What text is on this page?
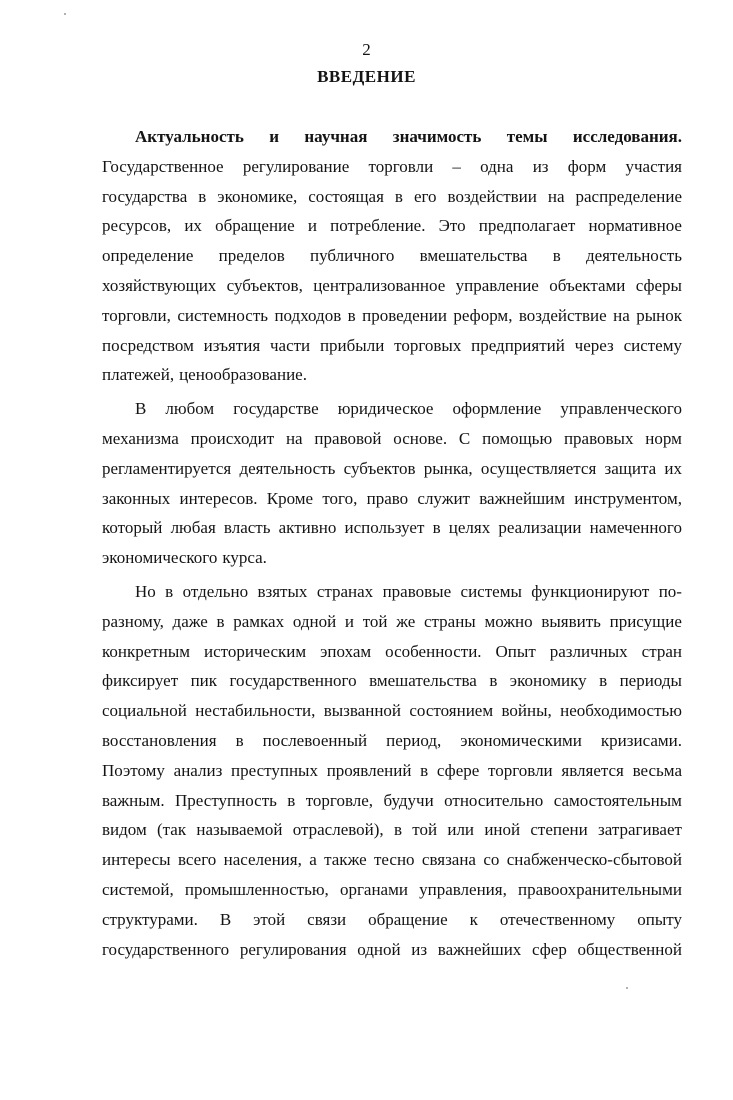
2
ВВЕДЕНИЕ
Актуальность и научная значимость темы исследования.
Государственное регулирование торговли – одна из форм участия
государства в экономике, состоящая в его воздействии на распределение
ресурсов, их обращение и потребление. Это предполагает нормативное
определение пределов публичного вмешательства в деятельность
хозяйствующих субъектов, централизованное управление объектами сферы
торговли, системность подходов в проведении реформ, воздействие на рынок
посредством изъятия части прибыли торговых предприятий через систему
платежей, ценообразование.
В любом государстве юридическое оформление управленческого
механизма происходит на правовой основе. С помощью правовых норм
регламентируется деятельность субъектов рынка, осуществляется защита их
законных интересов. Кроме того, право служит важнейшим инструментом,
который любая власть активно использует в целях реализации намеченного
экономического курса.
Но в отдельно взятых странах правовые системы функционируют по-
разному, даже в рамках одной и той же страны можно выявить присущие
конкретным историческим эпохам особенности. Опыт различных стран
фиксирует пик государственного вмешательства в экономику в периоды
социальной нестабильности, вызванной состоянием войны, необходимостью
восстановления в послевоенный период, экономическими кризисами.
Поэтому анализ преступных проявлений в сфере торговли является весьма
важным. Преступность в торговле, будучи относительно самостоятельным
видом (так называемой отраслевой), в той или иной степени затрагивает
интересы всего населения, а также тесно связана со снабженческо-сбытовой
системой, промышленностью, органами управления, правоохранительными
структурами. В этой связи обращение к отечественному опыту
государственного регулирования одной из важнейших сфер общественной
